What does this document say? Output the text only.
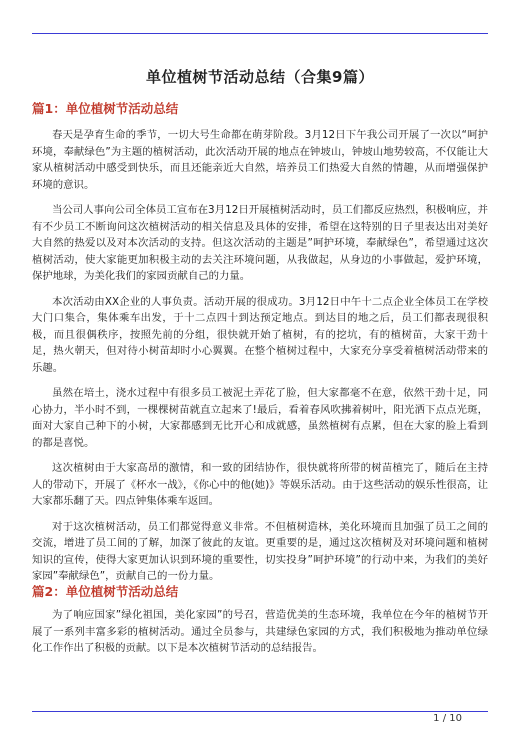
单位植树节活动总结（合集9篇）
篇1：单位植树节活动总结

春天是孕育生命的季节，一切大号生命都在萌芽阶段。3月12日下午我公司开展了一次以“呵护环境，奉献绿色”为主题的植树活动，此次活动开展的地点在钟坡山，钟坡山地势较高，不仅能让大家从植树活动中感受到快乐，而且还能亲近大自然，培养员工们热爱大自然的情趣，从而增强保护环境的意识。

当公司人事向公司全体员工宣布在3月12日开展植树活动时，员工们都反应热烈，积极响应，并有不少员工不断询问这次植树活动的相关信息及具体的安排，希望在这特别的日子里表达出对美好大自然的热爱以及对本次活动的支持。但这次活动的主题是”呵护环境，奉献绿色”，希望通过这次植树活动，使大家能更加积极主动的去关注环境问题，从我做起，从身边的小事做起，爱护环境，保护地球，为美化我们的家园贡献自己的力量。

本次活动由XX企业的人事负责。活动开展的很成功。3月12日中午十二点企业全体员工在学校大门口集合，集体乘车出发，于十二点四十到达预定地点。到达目的地之后，员工们都表现很积极，而且很偶秩序，按照先前的分组，很快就开始了植树，有的挖坑，有的植树苗，大家干劲十足，热火朝天，但对待小树苗却时小心翼翼。在整个植树过程中，大家充分享受着植树活动带来的乐趣。

虽然在培土，浇水过程中有很多员工被泥土弄花了脸，但大家都毫不在意，依然干劲十足，同心协力，半小时不到，一棵棵树苗就直立起来了!最后，看着春风吹拂着树叶，阳光洒下点点光斑，面对大家自己种下的小树，大家都感到无比开心和成就感，虽然植树有点累，但在大家的脸上看到的都是喜悦。

这次植树由于大家高昂的激情，和一致的团结协作，很快就将所带的树苗植完了，随后在主持人的带动下，开展了《杯水一战》，《你心中的他(她)》等娱乐活动。由于这些活动的娱乐性很高，让大家都乐翻了天。四点钟集体乘车返回。

对于这次植树活动，员工们都觉得意义非常。不但植树造林，美化环境而且加强了员工之间的交流，增进了员工间的了解，加深了彼此的友谊。更重要的是，通过这次植树及对环境问题和植树知识的宣传，使得大家更加认识到环境的重要性，切实投身”呵护环境”的行动中来，为我们的美好家园”奉献绿色”，贡献自己的一份力量。

篇2：单位植树节活动总结

为了响应国家”绿化祖国，美化家园”的号召，营造优美的生态环境，我单位在今年的植树节开展了一系列丰富多彩的植树活动。通过全员参与，共建绿色家园的方式，我们积极地为推动单位绿化工作作出了积极的贡献。以下是本次植树节活动的总结报告。

1 / 10
